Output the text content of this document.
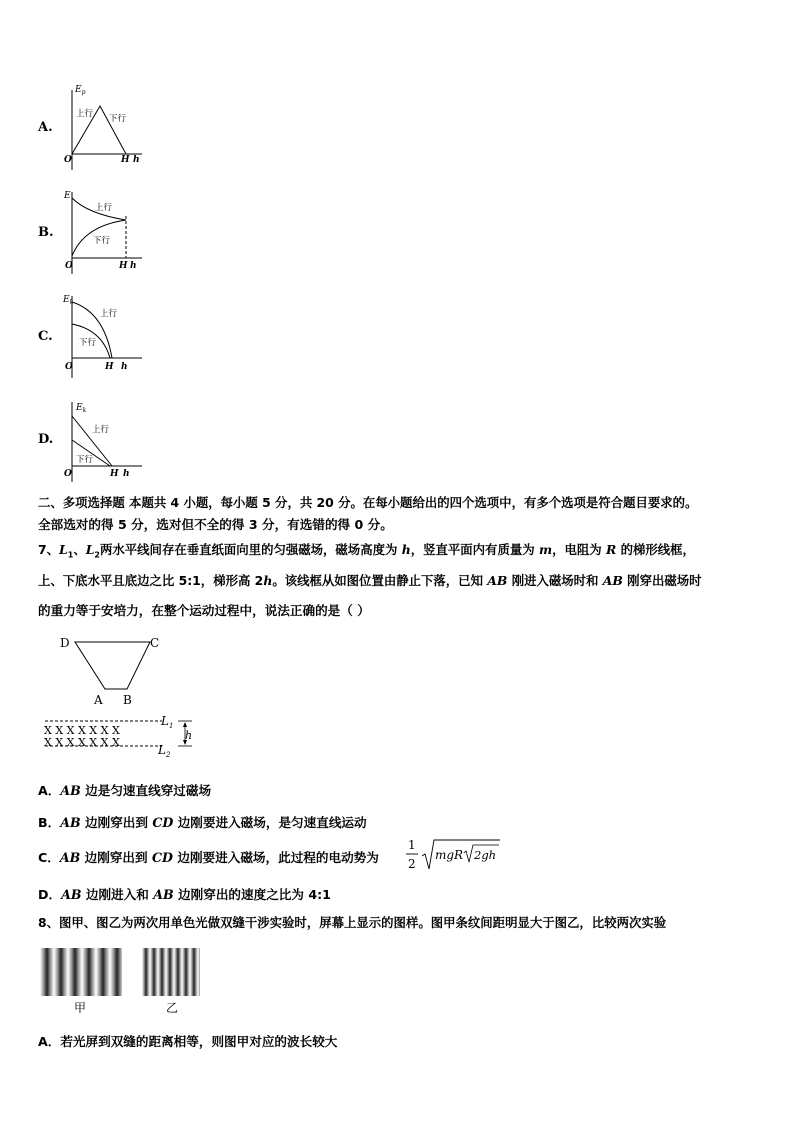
A.
$E_p$
上行 下行
O	H h
B.
E
上行
下行
O	H h
C.
$E_k$
上行
下行
O	H h
D.
$E_k$
上行
下行
O	H h
二、多项选择题 本题共 4 小题，每小题 5 分，共 20 分。在每小题给出的四个选项中，有多个选项是符合题目要求的。
全部选对的得 5 分，选对但不全的得 3 分，有选错的得 0 分。
7、$L_1$、$L_2$两水平线间存在垂直纸面向里的匀强磁场，磁场高度为 h，竖直平面内有质量为 m，电阻为 R 的梯形线框，
上、下底水平且底边之比 5:1，梯形高 2h。该线框从如图位置由静止下落，已知 AB 刚进入磁场时和 AB 刚穿出磁场时
的重力等于安培力，在整个运动过程中，说法正确的是（ ）
D	C
A B
X X X X X X X
X X X X X X X
$L_1$
$L_2$
h
A．AB 边是匀速直线穿过磁场
B．AB 边刚穿出到 CD 边刚要进入磁场，是匀速直线运动
C．AB 边刚穿出到 CD 边刚要进入磁场，此过程的电动势为
1
2
mgR 2gh
D．AB 边刚进入和 AB 边刚穿出的速度之比为 4:1
8、图甲、图乙为两次用单色光做双缝干涉实验时，屏幕上显示的图样。图甲条纹间距明显大于图乙，比较两次实验
甲	乙
A．若光屏到双缝的距离相等，则图甲对应的波长较大
